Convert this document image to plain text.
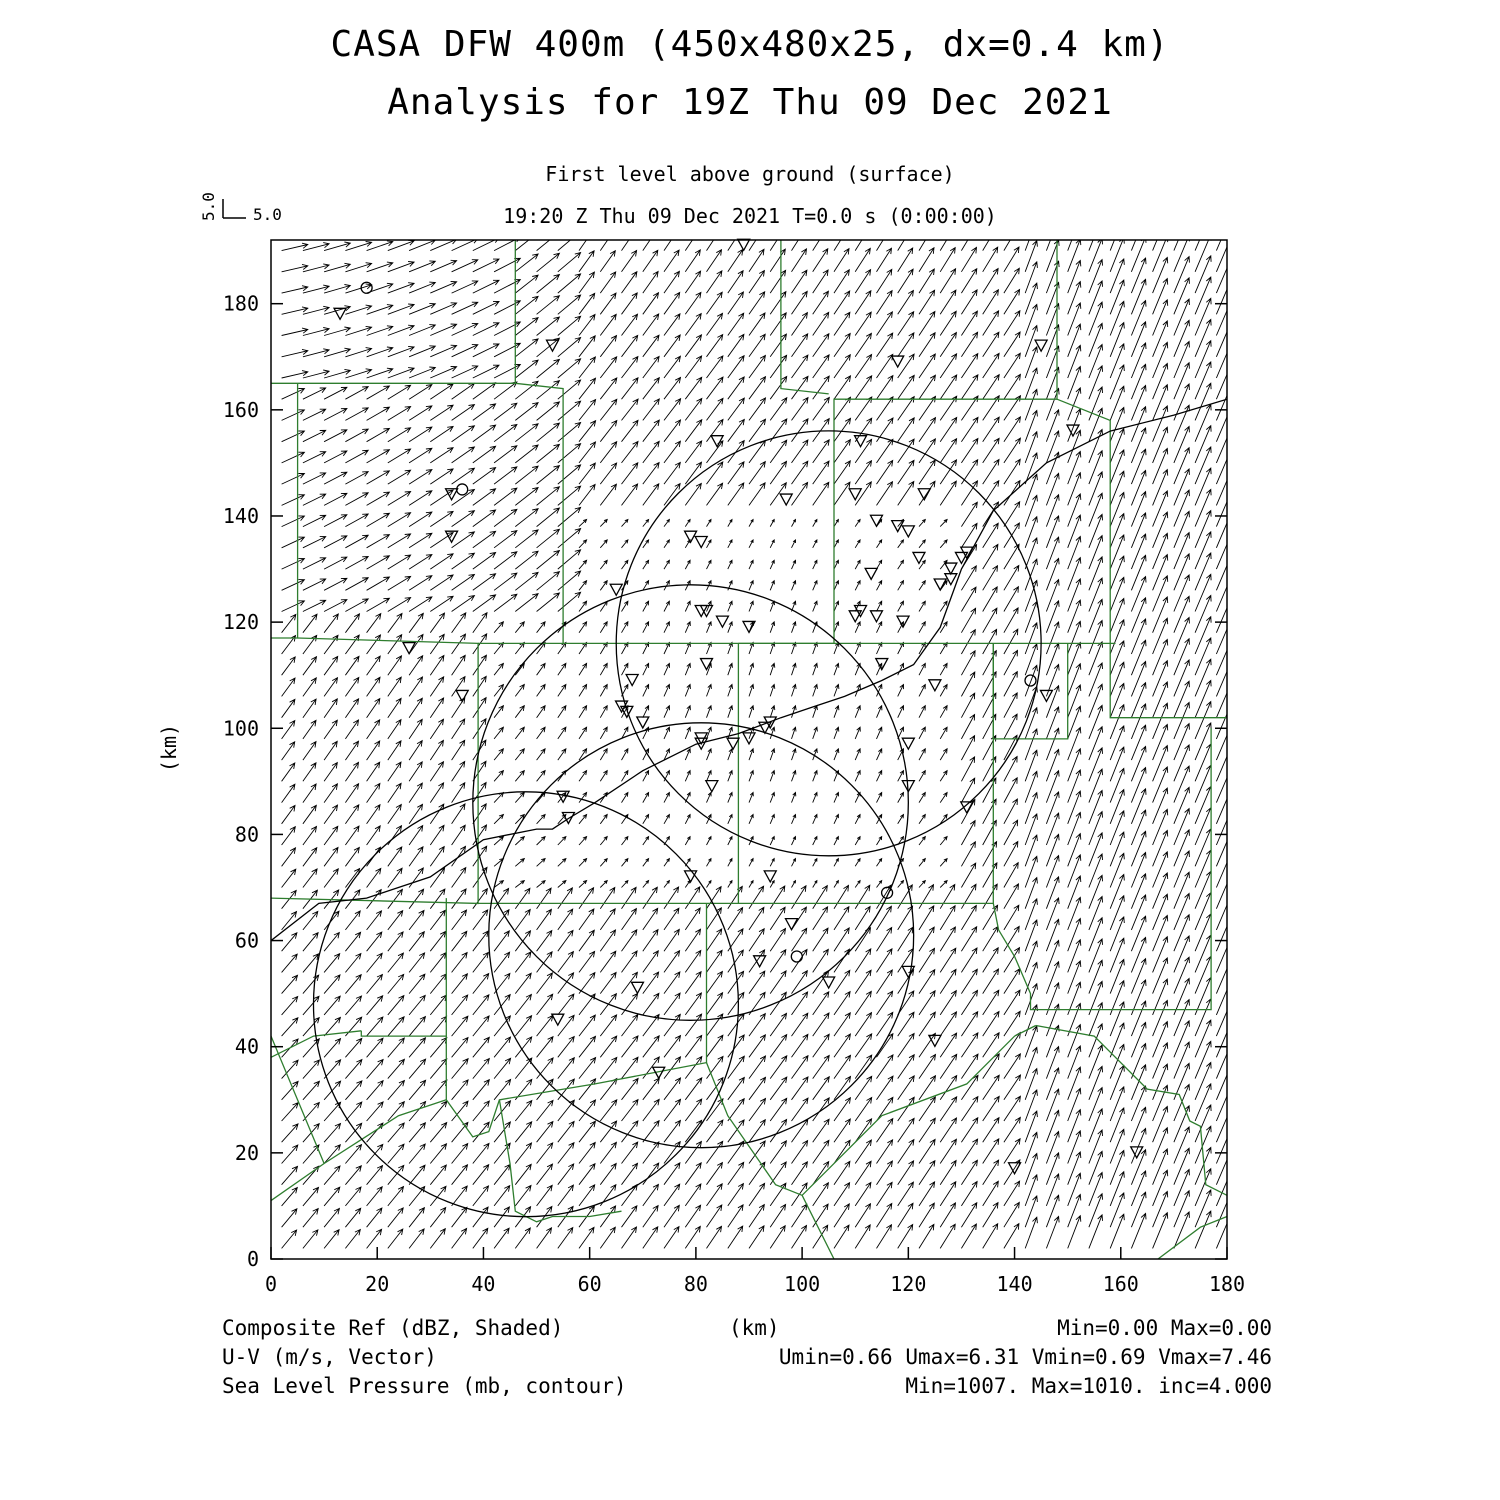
CASA DFW 400m (450x480x25, dx=0.4 km)
Analysis for 19Z Thu 09 Dec 2021
First level above ground (surface)
19:20 Z Thu 09 Dec 2021 T=0.0 s (0:00:00)
0	20	40	60	80	100	120	140	160	180
0
20
40
60
80
100
120
140
160
180
5.0
5.0
(km)
Composite Ref (dBZ, Shaded)
U-V (m/s, Vector)
Sea Level Pressure (mb, contour)
(km)	Min=0.00 Max=0.00
Umin=0.66 Umax=6.31 Vmin=0.69 Vmax=7.46
Min=1007. Max=1010. inc=4.000
